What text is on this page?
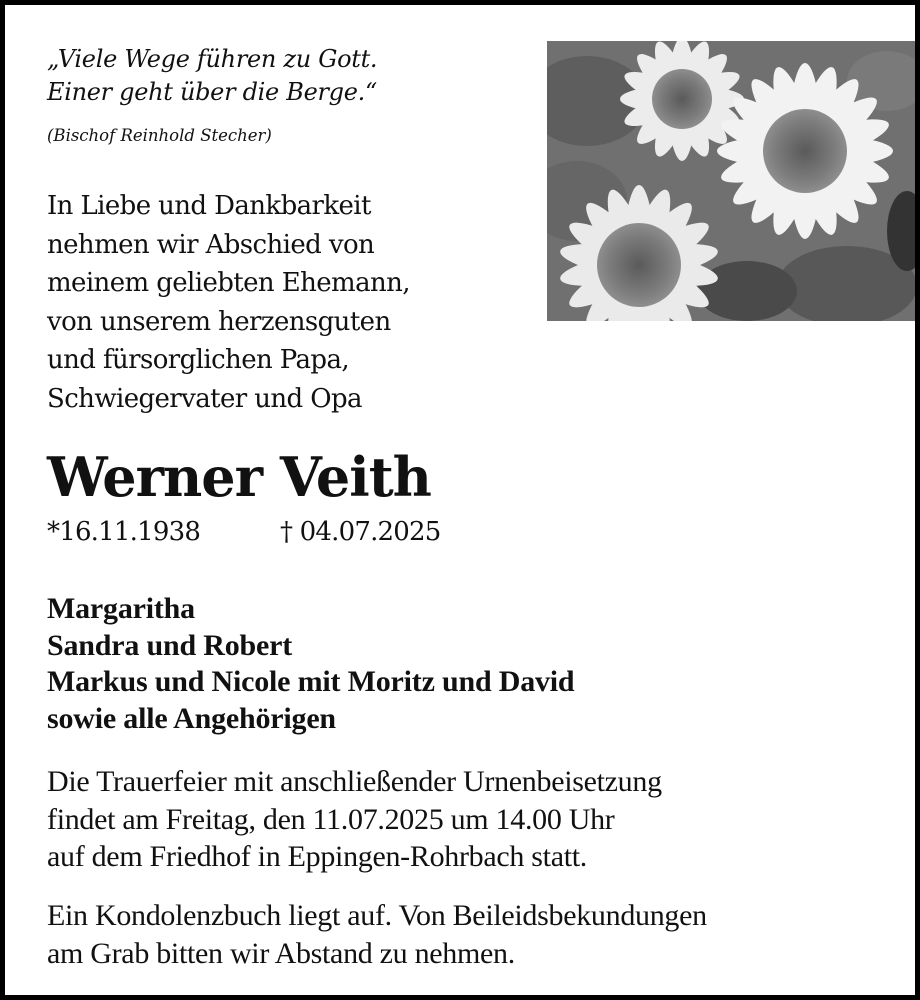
„Viele Wege führen zu Gott.
Einer geht über die Berge.“
(Bischof Reinhold Stecher)
In Liebe und Dankbarkeit
nehmen wir Abschied von
meinem geliebten Ehemann,
von unserem herzensguten
und fürsorglichen Papa,
Schwiegervater und Opa
Werner Veith
*16.11.1938	† 04.07.2025
Margaritha
Sandra und Robert
Markus und Nicole mit Moritz und David
sowie alle Angehörigen
Die Trauerfeier mit anschließender Urnenbeisetzung
findet am Freitag, den 11.07.2025 um 14.00 Uhr
auf dem Friedhof in Eppingen-Rohrbach statt.
Ein Kondolenzbuch liegt auf. Von Beileidsbekundungen
am Grab bitten wir Abstand zu nehmen.
